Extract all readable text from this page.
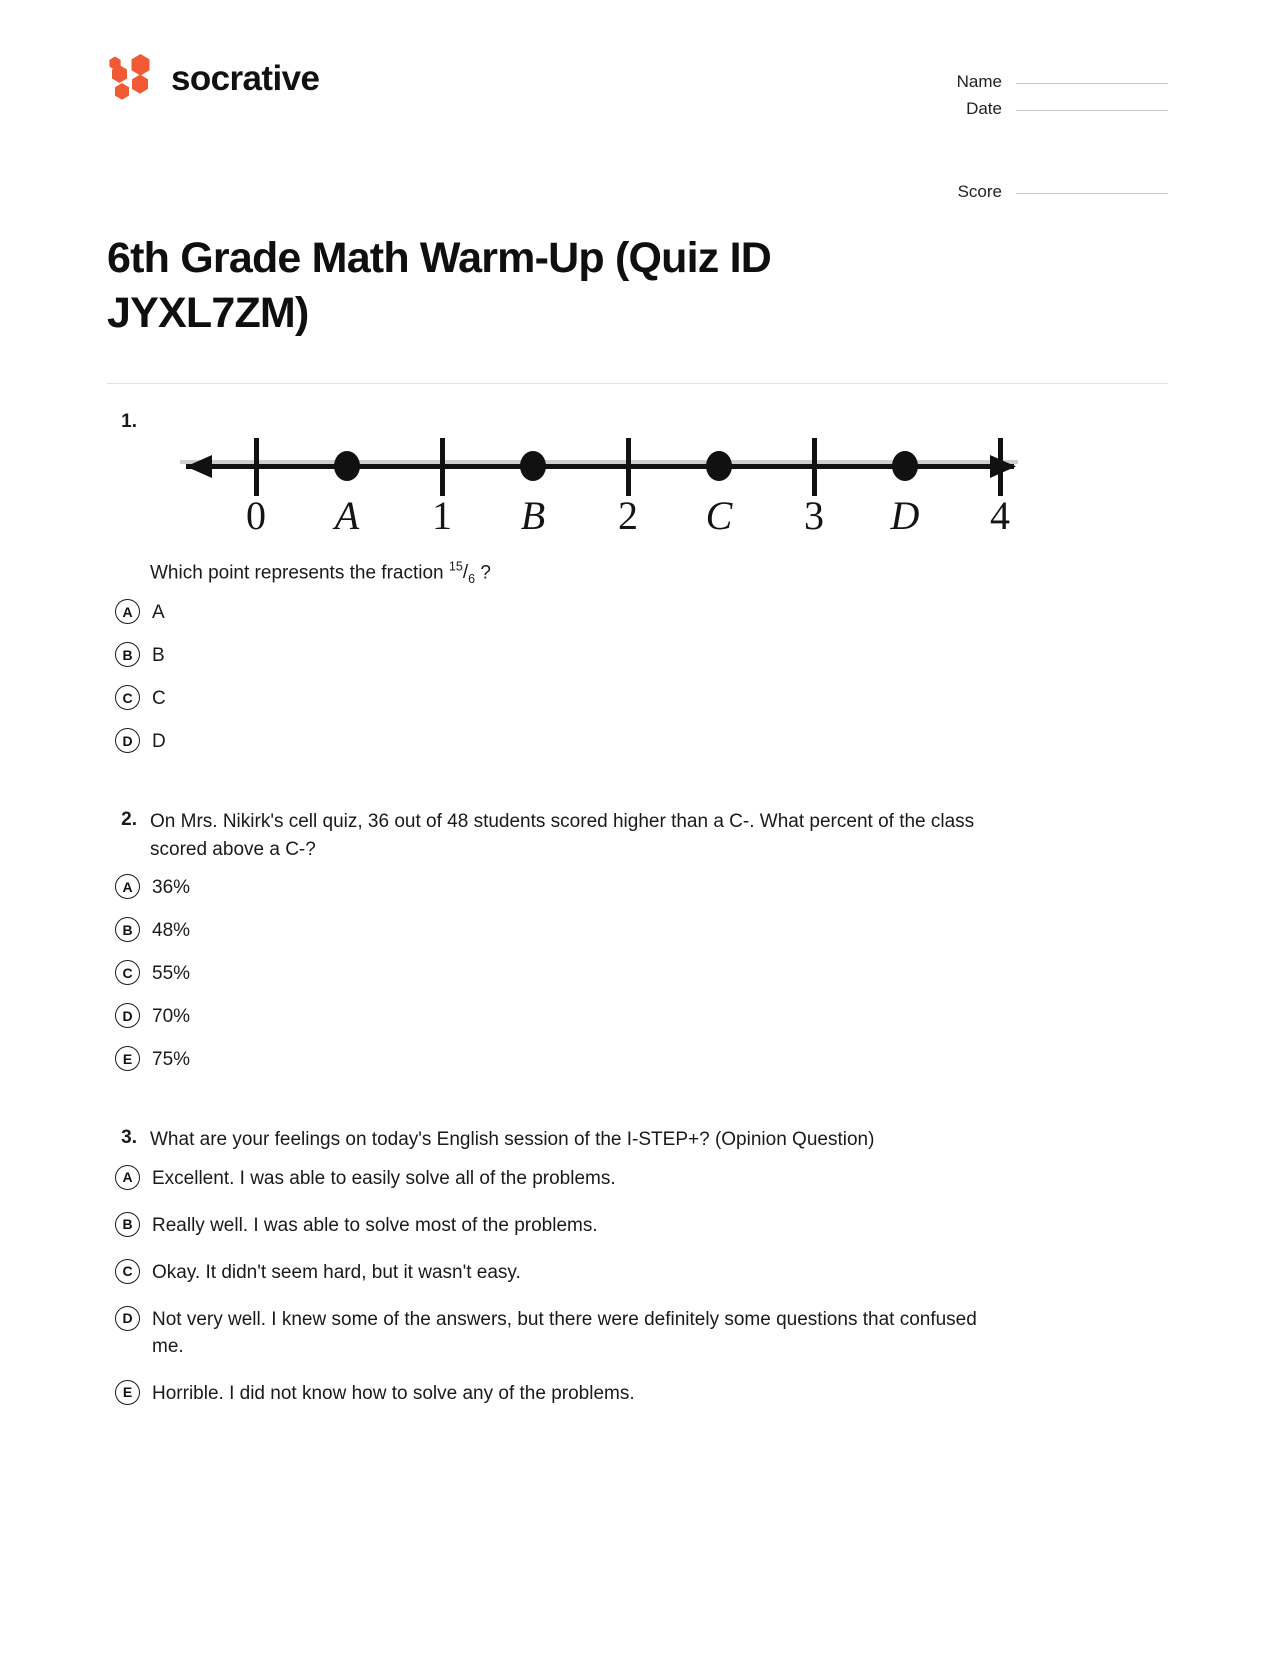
socrative	Name
Date
Score
6th Grade Math Warm-Up (Quiz ID JYXL7ZM)
1.
0 A 1 B 2 C 3 D 4
Which point represents the fraction $^{15}/_6$ ?
A	A
B	B
C	C
D	D
2. On Mrs. Nikirk's cell quiz, 36 out of 48 students scored higher than a C-. What percent of the class scored above a C-?
A	36%
B	48%
C	55%
D	70%
E	75%
3. What are your feelings on today's English session of the I-STEP+? (Opinion Question)
A	Excellent. I was able to easily solve all of the problems.
B	Really well. I was able to solve most of the problems.
C	Okay. It didn't seem hard, but it wasn't easy.
D	Not very well. I knew some of the answers, but there were definitely some questions that confused me.
E	Horrible. I did not know how to solve any of the problems.
